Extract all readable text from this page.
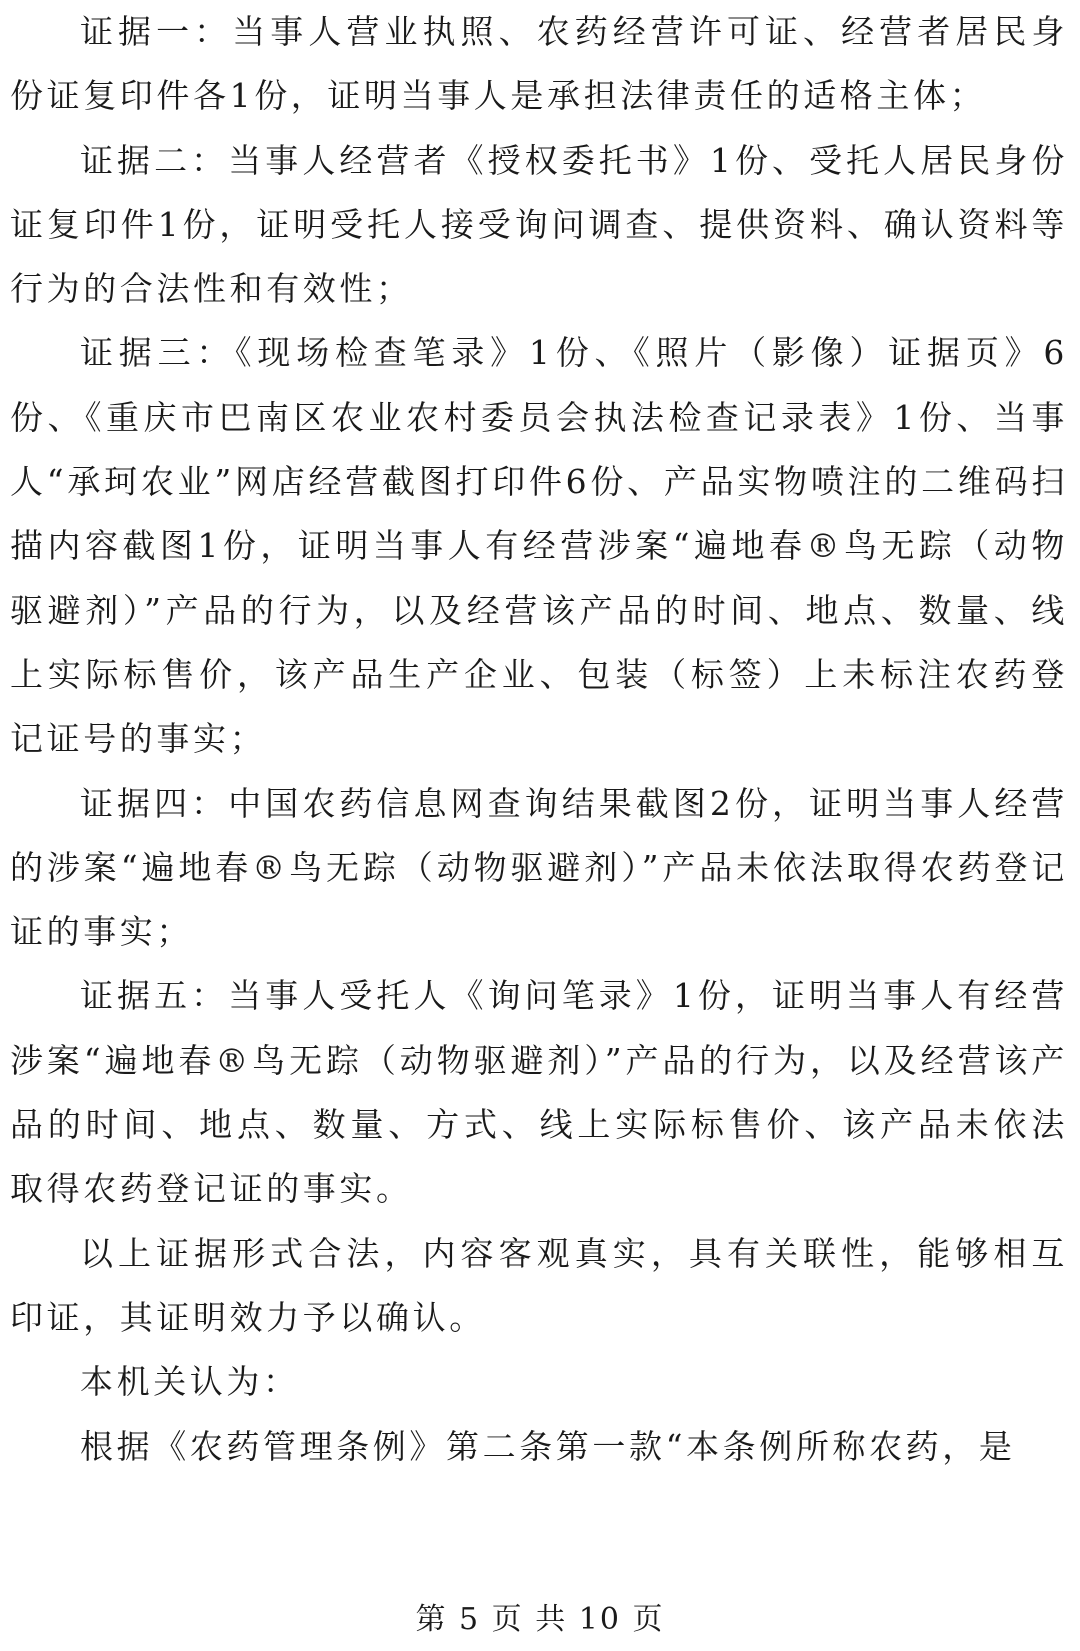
证据一：当事人营业执照、农药经营许可证、经营者居民身份证复印件各1份，证明当事人是承担法律责任的适格主体；

证据二：当事人经营者《授权委托书》1份、受托人居民身份证复印件1份，证明受托人接受询问调查、提供资料、确认资料等行为的合法性和有效性；

证据三：《现场检查笔录》1份、《照片（影像）证据页》6份、《重庆市巴南区农业农村委员会执法检查记录表》1份、当事人“承珂农业”网店经营截图打印件6份、产品实物喷注的二维码扫描内容截图1份，证明当事人有经营涉案“遍地春®鸟无踪（动物驱避剂）”产品的行为，以及经营该产品的时间、地点、数量、线上实际标售价，该产品生产企业、包装（标签）上未标注农药登记证号的事实；

证据四：中国农药信息网查询结果截图2份，证明当事人经营的涉案“遍地春®鸟无踪（动物驱避剂）”产品未依法取得农药登记证的事实；

证据五：当事人受托人《询问笔录》1份，证明当事人有经营涉案“遍地春®鸟无踪（动物驱避剂）”产品的行为，以及经营该产品的时间、地点、数量、方式、线上实际标售价、该产品未依法取得农药登记证的事实。

以上证据形式合法，内容客观真实，具有关联性，能够相互印证，其证明效力予以确认。

本机关认为：

根据《农药管理条例》第二条第一款“本条例所称农药，是

第 5 页 共 10 页
